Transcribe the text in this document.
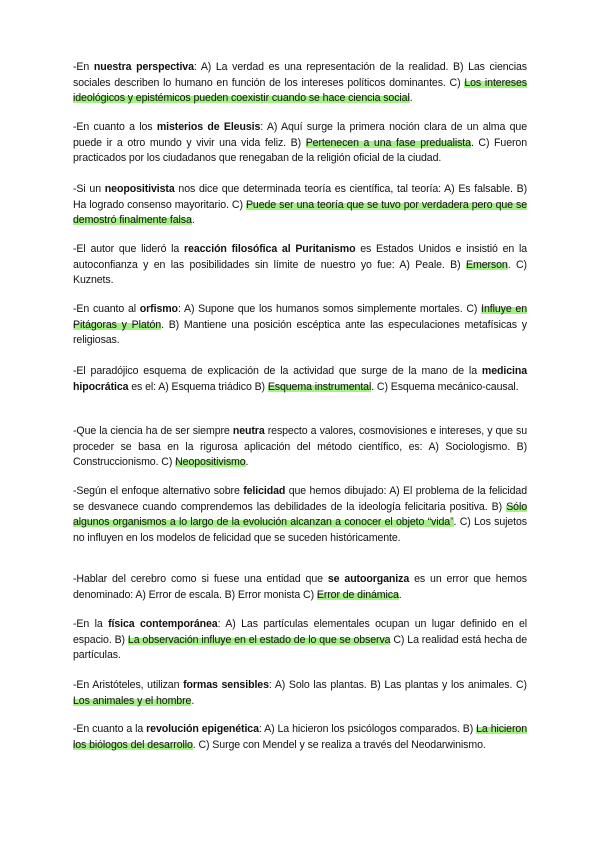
-En nuestra perspectiva: A) La verdad es una representación de la realidad. B) Las ciencias sociales describen lo humano en función de los intereses políticos dominantes. C) Los intereses ideológicos y epistémicos pueden coexistir cuando se hace ciencia social.

-En cuanto a los misterios de Eleusis: A) Aquí surge la primera noción clara de un alma que puede ir a otro mundo y vivir una vida feliz. B) Pertenecen a una fase predualista. C) Fueron practicados por los ciudadanos que renegaban de la religión oficial de la ciudad.

-Si un neopositivista nos dice que determinada teoría es científica, tal teoría: A) Es falsable. B) Ha logrado consenso mayoritario. C) Puede ser una teoría que se tuvo por verdadera pero que se demostró finalmente falsa.

-El autor que lideró la reacción filosófica al Puritanismo es Estados Unidos e insistió en la autoconfianza y en las posibilidades sin límite de nuestro yo fue: A) Peale. B) Emerson. C) Kuznets.

-En cuanto al orfismo: A) Supone que los humanos somos simplemente mortales. C) Influye en Pitágoras y Platón. B) Mantiene una posición escéptica ante las especulaciones metafísicas y religiosas.

-El paradójico esquema de explicación de la actividad que surge de la mano de la medicina hipocrática es el: A) Esquema triádico B) Esquema instrumental. C) Esquema mecánico-causal.

-Que la ciencia ha de ser siempre neutra respecto a valores, cosmovisiones e intereses, y que su proceder se basa en la rigurosa aplicación del método científico, es: A) Sociologismo. B) Construccionismo. C) Neopositivismo.

-Según el enfoque alternativo sobre felicidad que hemos dibujado: A) El problema de la felicidad se desvanece cuando comprendemos las debilidades de la ideología felicitaria positiva. B) Sólo algunos organismos a lo largo de la evolución alcanzan a conocer el objeto “vida”. C) Los sujetos no influyen en los modelos de felicidad que se suceden históricamente.

-Hablar del cerebro como si fuese una entidad que se autoorganiza es un error que hemos denominado: A) Error de escala. B) Error monista C) Error de dinámica.

-En la física contemporánea: A) Las partículas elementales ocupan un lugar definido en el espacio. B) La observación influye en el estado de lo que se observa C) La realidad está hecha de partículas.

-En Aristóteles, utilizan formas sensibles: A) Solo las plantas. B) Las plantas y los animales. C) Los animales y el hombre.

-En cuanto a la revolución epigenética: A) La hicieron los psicólogos comparados. B) La hicieron los biólogos del desarrollo. C) Surge con Mendel y se realiza a través del Neodarwinismo.
